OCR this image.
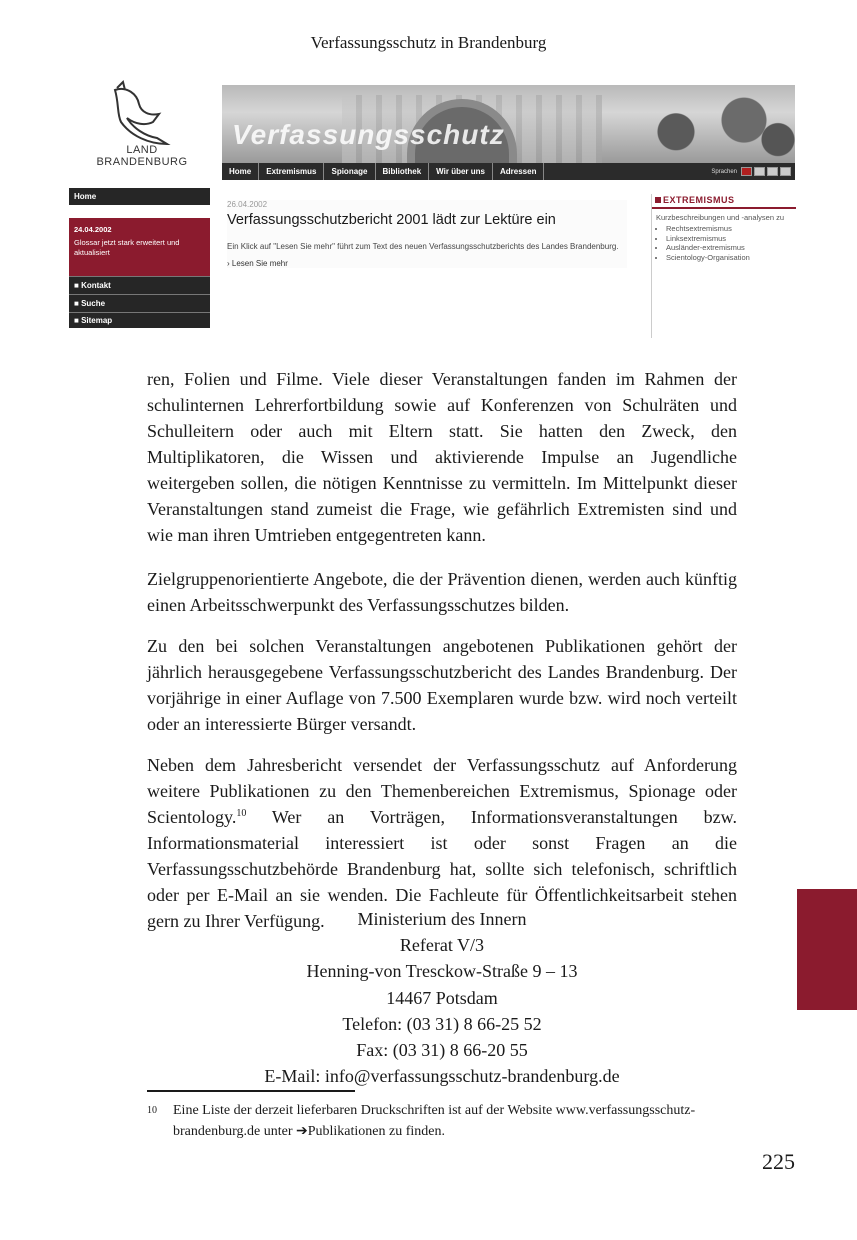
Verfassungsschutz in Brandenburg
LAND
BRANDENBURG
Verfassungsschutz
Home	Extremismus	Spionage	Bibliothek	Wir über uns	Adressen	Sprachen
Home
24.04.2002
Glossar jetzt stark erweitert und aktualisiert
■ Kontakt
■ Suche
■ Sitemap
26.04.2002
Verfassungsschutzbericht 2001 lädt zur Lektüre ein
Ein Klick auf "Lesen Sie mehr" führt zum Text des neuen Verfassungsschutzberichts des Landes Brandenburg.
› Lesen Sie mehr
EXTREMISMUS
Kurzbeschreibungen und -analysen zu
• Rechtsextremismus
• Linksextremismus
• Ausländer-extremismus
• Scientology-Organisation

ren, Folien und Filme. Viele dieser Veranstaltungen fanden im Rahmen der schulinternen Lehrerfortbildung sowie auf Konferenzen von Schulräten und Schulleitern oder auch mit Eltern statt. Sie hatten den Zweck, den Multiplikatoren, die Wissen und aktivierende Impulse an Jugendliche weitergeben sollen, die nötigen Kenntnisse zu vermitteln. Im Mittelpunkt dieser Veranstaltungen stand zumeist die Frage, wie gefährlich Extremisten sind und wie man ihren Umtrieben entgegentreten kann.

Zielgruppenorientierte Angebote, die der Prävention dienen, werden auch künftig einen Arbeitsschwerpunkt des Verfassungsschutzes bilden.

Zu den bei solchen Veranstaltungen angebotenen Publikationen gehört der jährlich herausgegebene Verfassungsschutzbericht des Landes Brandenburg. Der vorjährige in einer Auflage von 7.500 Exemplaren wurde bzw. wird noch verteilt oder an interessierte Bürger versandt.

Neben dem Jahresbericht versendet der Verfassungsschutz auf Anforderung weitere Publikationen zu den Themenbereichen Extremismus, Spionage oder Scientology.$^{10}$ Wer an Vorträgen, Informationsveranstaltungen bzw. Informationsmaterial interessiert ist oder sonst Fragen an die Verfassungsschutzbehörde Brandenburg hat, sollte sich telefonisch, schriftlich oder per E-Mail an sie wenden. Die Fachleute für Öffentlichkeitsarbeit stehen gern zu Ihrer Verfügung.	Ministerium des Innern
Referat V/3
Henning-von Tresckow-Straße 9 – 13
14467 Potsdam
Telefon: (03 31) 8 66-25 52
Fax: (03 31) 8 66-20 55
E-Mail: info@verfassungsschutz-brandenburg.de
10 Eine Liste der derzeit lieferbaren Druckschriften ist auf der Website www.verfassungsschutz-brandenburg.de unter ➔Publikationen zu finden.
225
